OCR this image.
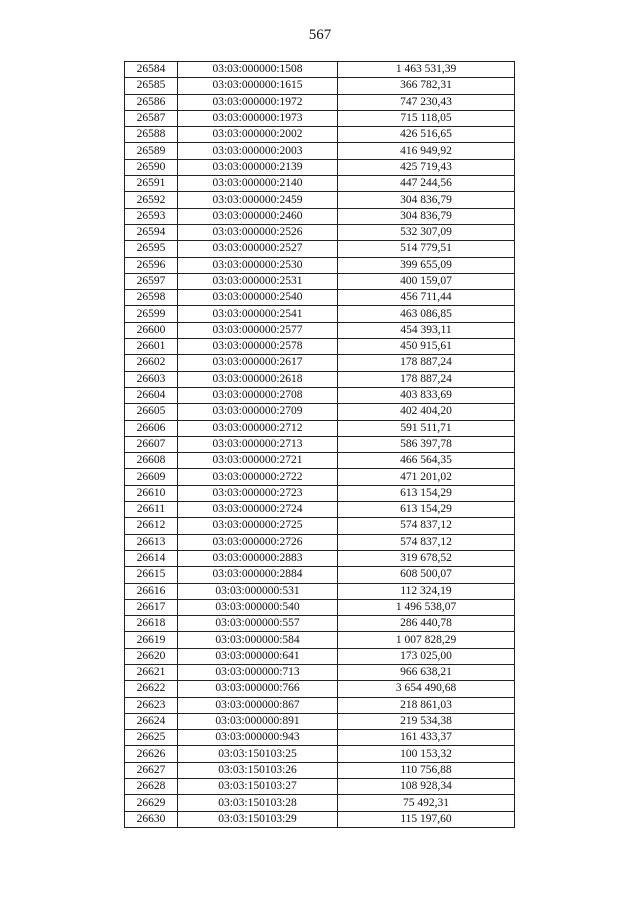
567
26584	03:03:000000:1508	1 463 531,39
26585	03:03:000000:1615	366 782,31
26586	03:03:000000:1972	747 230,43
26587	03:03:000000:1973	715 118,05
26588	03:03:000000:2002	426 516,65
26589	03:03:000000:2003	416 949,92
26590	03:03:000000:2139	425 719,43
26591	03:03:000000:2140	447 244,56
26592	03:03:000000:2459	304 836,79
26593	03:03:000000:2460	304 836,79
26594	03:03:000000:2526	532 307,09
26595	03:03:000000:2527	514 779,51
26596	03:03:000000:2530	399 655,09
26597	03:03:000000:2531	400 159,07
26598	03:03:000000:2540	456 711,44
26599	03:03:000000:2541	463 086,85
26600	03:03:000000:2577	454 393,11
26601	03:03:000000:2578	450 915,61
26602	03:03:000000:2617	178 887,24
26603	03:03:000000:2618	178 887,24
26604	03:03:000000:2708	403 833,69
26605	03:03:000000:2709	402 404,20
26606	03:03:000000:2712	591 511,71
26607	03:03:000000:2713	586 397,78
26608	03:03:000000:2721	466 564,35
26609	03:03:000000:2722	471 201,02
26610	03:03:000000:2723	613 154,29
26611	03:03:000000:2724	613 154,29
26612	03:03:000000:2725	574 837,12
26613	03:03:000000:2726	574 837,12
26614	03:03:000000:2883	319 678,52
26615	03:03:000000:2884	608 500,07
26616	03:03:000000:531	112 324,19
26617	03:03:000000:540	1 496 538,07
26618	03:03:000000:557	286 440,78
26619	03:03:000000:584	1 007 828,29
26620	03:03:000000:641	173 025,00
26621	03:03:000000:713	966 638,21
26622	03:03:000000:766	3 654 490,68
26623	03:03:000000:867	218 861,03
26624	03:03:000000:891	219 534,38
26625	03:03:000000:943	161 433,37
26626	03:03:150103:25	100 153,32
26627	03:03:150103:26	110 756,88
26628	03:03:150103:27	108 928,34
26629	03:03:150103:28	75 492,31
26630	03:03:150103:29	115 197,60
